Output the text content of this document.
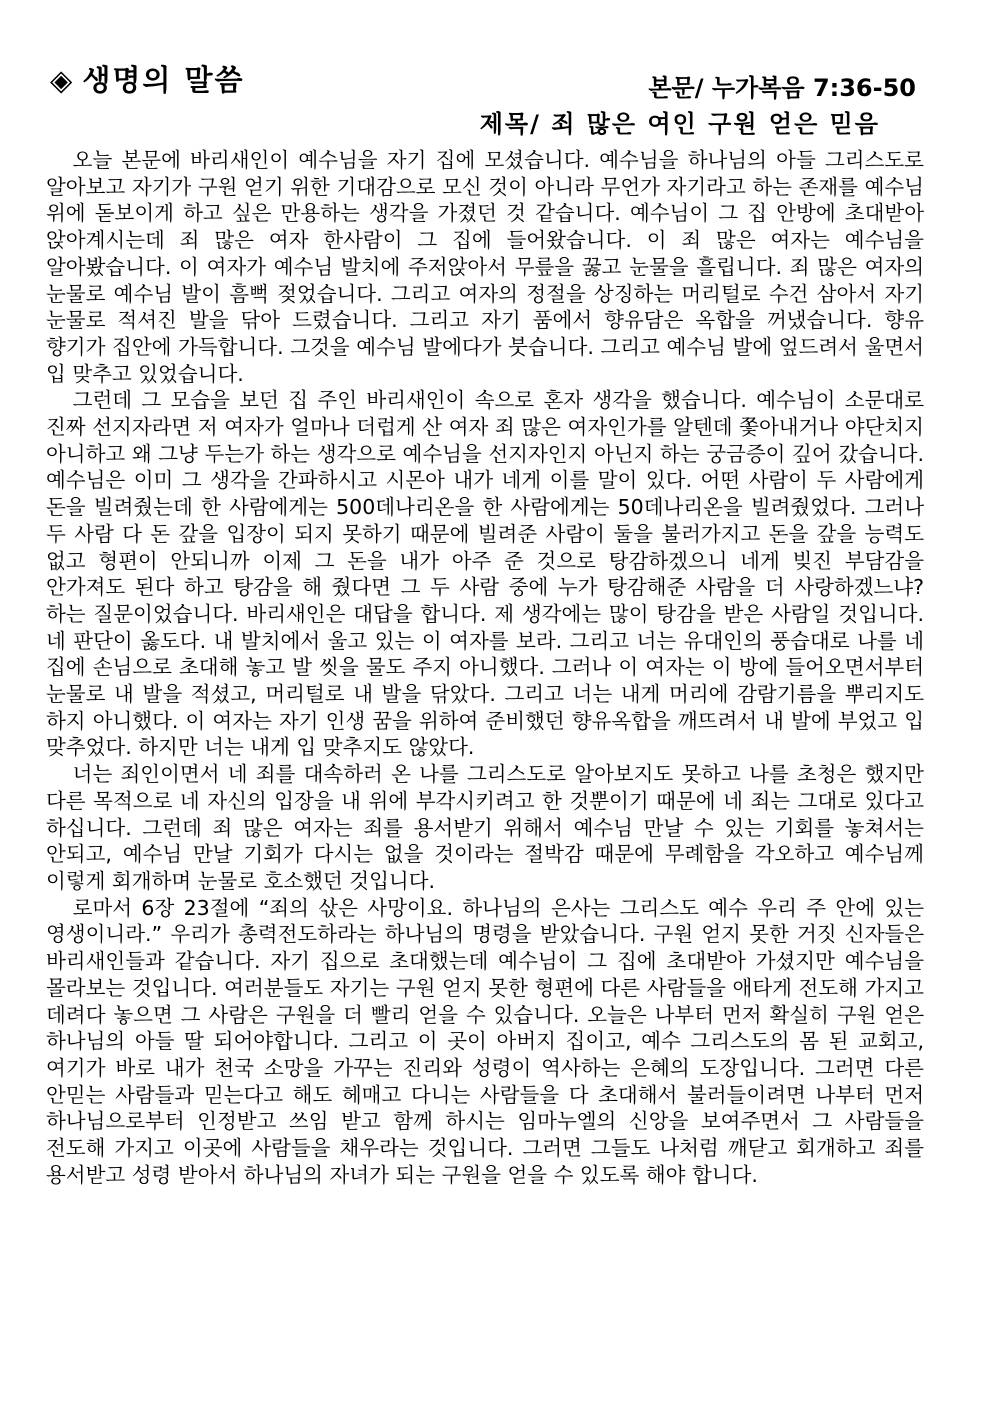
◈ 생명의 말씀	본문/ 누가복음 7:36-50
제목/ 죄 많은 여인 구원 얻은 믿음

오늘 본문에 바리새인이 예수님을 자기 집에 모셨습니다. 예수님을 하나님의 아들 그리스도로 알아보고 자기가 구원 얻기 위한 기대감으로 모신 것이 아니라 무언가 자기라고 하는 존재를 예수님 위에 돋보이게 하고 싶은 만용하는 생각을 가졌던 것 같습니다. 예수님이 그 집 안방에 초대받아 앉아계시는데 죄 많은 여자 한사람이 그 집에 들어왔습니다. 이 죄 많은 여자는 예수님을 알아봤습니다. 이 여자가 예수님 발치에 주저앉아서 무릎을 꿇고 눈물을 흘립니다. 죄 많은 여자의 눈물로 예수님 발이 흠뻑 젖었습니다. 그리고 여자의 정절을 상징하는 머리털로 수건 삼아서 자기 눈물로 적셔진 발을 닦아 드렸습니다. 그리고 자기 품에서 향유담은 옥합을 꺼냈습니다. 향유 향기가 집안에 가득합니다. 그것을 예수님 발에다가 붓습니다. 그리고 예수님 발에 엎드려서 울면서 입 맞추고 있었습니다.

그런데 그 모습을 보던 집 주인 바리새인이 속으로 혼자 생각을 했습니다. 예수님이 소문대로 진짜 선지자라면 저 여자가 얼마나 더럽게 산 여자 죄 많은 여자인가를 알텐데 쫓아내거나 야단치지 아니하고 왜 그냥 두는가 하는 생각으로 예수님을 선지자인지 아닌지 하는 궁금증이 깊어 갔습니다. 예수님은 이미 그 생각을 간파하시고 시몬아 내가 네게 이를 말이 있다. 어떤 사람이 두 사람에게 돈을 빌려줬는데 한 사람에게는 500데나리온을 한 사람에게는 50데나리온을 빌려줬었다. 그러나 두 사람 다 돈 갚을 입장이 되지 못하기 때문에 빌려준 사람이 둘을 불러가지고 돈을 갚을 능력도 없고 형편이 안되니까 이제 그 돈을 내가 아주 준 것으로 탕감하겠으니 네게 빚진 부담감을 안가져도 된다 하고 탕감을 해 줬다면 그 두 사람 중에 누가 탕감해준 사람을 더 사랑하겠느냐? 하는 질문이었습니다. 바리새인은 대답을 합니다. 제 생각에는 많이 탕감을 받은 사람일 것입니다. 네 판단이 옳도다. 내 발치에서 울고 있는 이 여자를 보라. 그리고 너는 유대인의 풍습대로 나를 네 집에 손님으로 초대해 놓고 발 씻을 물도 주지 아니했다. 그러나 이 여자는 이 방에 들어오면서부터 눈물로 내 발을 적셨고, 머리털로 내 발을 닦았다. 그리고 너는 내게 머리에 감람기름을 뿌리지도 하지 아니했다. 이 여자는 자기 인생 꿈을 위하여 준비했던 향유옥합을 깨뜨려서 내 발에 부었고 입 맞추었다. 하지만 너는 내게 입 맞추지도 않았다.

너는 죄인이면서 네 죄를 대속하러 온 나를 그리스도로 알아보지도 못하고 나를 초청은 했지만 다른 목적으로 네 자신의 입장을 내 위에 부각시키려고 한 것뿐이기 때문에 네 죄는 그대로 있다고 하십니다. 그런데 죄 많은 여자는 죄를 용서받기 위해서 예수님 만날 수 있는 기회를 놓쳐서는 안되고, 예수님 만날 기회가 다시는 없을 것이라는 절박감 때문에 무례함을 각오하고 예수님께 이렇게 회개하며 눈물로 호소했던 것입니다.

로마서 6장 23절에 “죄의 삯은 사망이요. 하나님의 은사는 그리스도 예수 우리 주 안에 있는 영생이니라.” 우리가 총력전도하라는 하나님의 명령을 받았습니다. 구원 얻지 못한 거짓 신자들은 바리새인들과 같습니다. 자기 집으로 초대했는데 예수님이 그 집에 초대받아 가셨지만 예수님을 몰라보는 것입니다. 여러분들도 자기는 구원 얻지 못한 형편에 다른 사람들을 애타게 전도해 가지고 데려다 놓으면 그 사람은 구원을 더 빨리 얻을 수 있습니다. 오늘은 나부터 먼저 확실히 구원 얻은 하나님의 아들 딸 되어야합니다. 그리고 이 곳이 아버지 집이고, 예수 그리스도의 몸 된 교회고, 여기가 바로 내가 천국 소망을 가꾸는 진리와 성령이 역사하는 은혜의 도장입니다. 그러면 다른 안믿는 사람들과 믿는다고 해도 헤매고 다니는 사람들을 다 초대해서 불러들이려면 나부터 먼저 하나님으로부터 인정받고 쓰임 받고 함께 하시는 임마누엘의 신앙을 보여주면서 그 사람들을 전도해 가지고 이곳에 사람들을 채우라는 것입니다. 그러면 그들도 나처럼 깨닫고 회개하고 죄를 용서받고 성령 받아서 하나님의 자녀가 되는 구원을 얻을 수 있도록 해야 합니다.
